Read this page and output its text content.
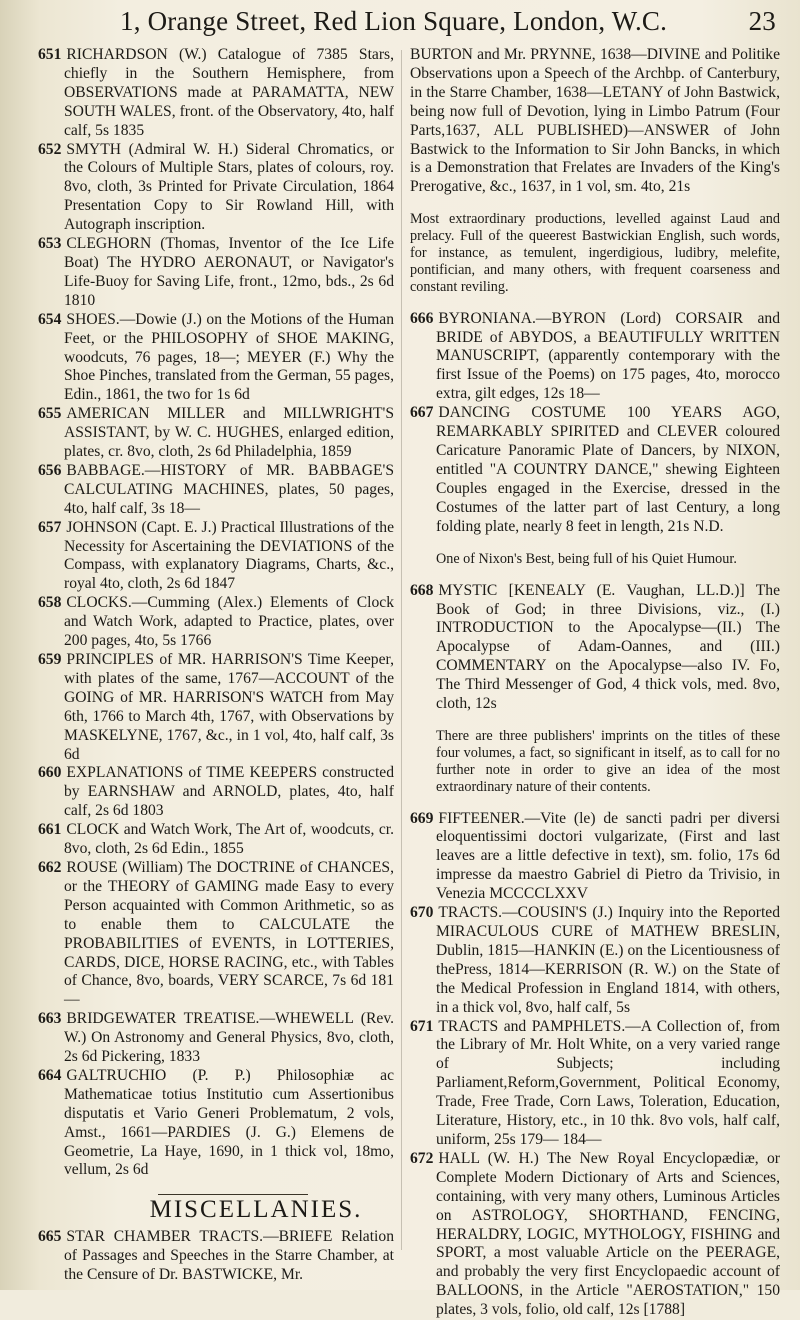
1, Orange Street, Red Lion Square, London, W.C.	23

651 RICHARDSON (W.) Catalogue of 7385 Stars, chiefly in the Southern Hemisphere, from OBSERVATIONS made at PARAMATTA, NEW SOUTH WALES, front. of the Observatory, 4to, half calf, 5s 1835

652 SMYTH (Admiral W. H.) Sideral Chromatics, or the Colours of Multiple Stars, plates of colours, roy. 8vo, cloth, 3s Printed for Private Circulation, 1864 Presentation Copy to Sir Rowland Hill, with Autograph inscription.

653 CLEGHORN (Thomas, Inventor of the Ice Life Boat) The HYDRO AERONAUT, or Navigator's Life-Buoy for Saving Life, front., 12mo, bds., 2s 6d 1810

654 SHOES.—Dowie (J.) on the Motions of the Human Feet, or the PHILOSOPHY of SHOE MAKING, woodcuts, 76 pages, 18—; MEYER (F.) Why the Shoe Pinches, translated from the German, 55 pages, Edin., 1861, the two for 1s 6d

655 AMERICAN MILLER and MILLWRIGHT'S ASSISTANT, by W. C. HUGHES, enlarged edition, plates, cr. 8vo, cloth, 2s 6d Philadelphia, 1859

656 BABBAGE.—HISTORY of MR. BABBAGE'S CALCULATING MACHINES, plates, 50 pages, 4to, half calf, 3s 18—

657 JOHNSON (Capt. E. J.) Practical Illustrations of the Necessity for Ascertaining the DEVIATIONS of the Compass, with explanatory Diagrams, Charts, &c., royal 4to, cloth, 2s 6d 1847

658 CLOCKS.—Cumming (Alex.) Elements of Clock and Watch Work, adapted to Practice, plates, over 200 pages, 4to, 5s 1766

659 PRINCIPLES of MR. HARRISON'S Time Keeper, with plates of the same, 1767—ACCOUNT of the GOING of MR. HARRISON'S WATCH from May 6th, 1766 to March 4th, 1767, with Observations by MASKELYNE, 1767, &c., in 1 vol, 4to, half calf, 3s 6d

660 EXPLANATIONS of TIME KEEPERS constructed by EARNSHAW and ARNOLD, plates, 4to, half calf, 2s 6d 1803

661 CLOCK and Watch Work, The Art of, woodcuts, cr. 8vo, cloth, 2s 6d Edin., 1855

662 ROUSE (William) The DOCTRINE of CHANCES, or the THEORY of GAMING made Easy to every Person acquainted with Common Arithmetic, so as to enable them to CALCULATE the PROBABILITIES of EVENTS, in LOTTERIES, CARDS, DICE, HORSE RACING, etc., with Tables of Chance, 8vo, boards, VERY SCARCE, 7s 6d 181—

663 BRIDGEWATER TREATISE.—WHEWELL (Rev. W.) On Astronomy and General Physics, 8vo, cloth, 2s 6d Pickering, 1833

664 GALTRUCHIO (P. P.) Philosophiæ ac Mathematicae totius Institutio cum Assertionibus disputatis et Vario Generi Problematum, 2 vols, Amst., 1661—PARDIES (J. G.) Elemens de Geometrie, La Haye, 1690, in 1 thick vol, 18mo, vellum, 2s 6d

MISCELLANIES.

665 STAR CHAMBER TRACTS.—BRIEFE Relation of Passages and Speeches in the Starre Chamber, at the Censure of Dr. BASTWICKE, Mr.

BURTON and Mr. PRYNNE, 1638—DIVINE and Politike Observations upon a Speech of the Archbp. of Canterbury, in the Starre Chamber, 1638—LETANY of John Bastwick, being now full of Devotion, lying in Limbo Patrum (Four Parts,1637, ALL PUBLISHED)—ANSWER of John Bastwick to the Information to Sir John Bancks, in which is a Demonstration that Frelates are Invaders of the King's Prerogative, &c., 1637, in 1 vol, sm. 4to, 21s

Most extraordinary productions, levelled against Laud and prelacy. Full of the queerest Bastwickian English, such words, for instance, as temulent, ingerdigious, ludibry, melefite, pontifician, and many others, with frequent coarseness and constant reviling.

666 BYRONIANA.—BYRON (Lord) CORSAIR and BRIDE of ABYDOS, a BEAUTIFULLY WRITTEN MANUSCRIPT, (apparently contemporary with the first Issue of the Poems) on 175 pages, 4to, morocco extra, gilt edges, 12s 18—

667 DANCING COSTUME 100 YEARS AGO, REMARKABLY SPIRITED and CLEVER coloured Caricature Panoramic Plate of Dancers, by NIXON, entitled "A COUNTRY DANCE," shewing Eighteen Couples engaged in the Exercise, dressed in the Costumes of the latter part of last Century, a long folding plate, nearly 8 feet in length, 21s N.D.

One of Nixon's Best, being full of his Quiet Humour.

668 MYSTIC [KENEALY (E. Vaughan, LL.D.)] The Book of God; in three Divisions, viz., (I.) INTRODUCTION to the Apocalypse—(II.) The Apocalypse of Adam-Oannes, and (III.) COMMENTARY on the Apocalypse—also IV. Fo, The Third Messenger of God, 4 thick vols, med. 8vo, cloth, 12s

There are three publishers' imprints on the titles of these four volumes, a fact, so significant in itself, as to call for no further note in order to give an idea of the most extraordinary nature of their contents.

669 FIFTEENER.—Vite (le) de sancti padri per diversi eloquentissimi doctori vulgarizate, (First and last leaves are a little defective in text), sm. folio, 17s 6d impresse da maestro Gabriel di Pietro da Trivisio, in Venezia MCCCCLXXV

670 TRACTS.—COUSIN'S (J.) Inquiry into the Reported MIRACULOUS CURE of MATHEW BRESLIN, Dublin, 1815—HANKIN (E.) on the Licentiousness of thePress, 1814—KERRISON (R. W.) on the State of the Medical Profession in England 1814, with others, in a thick vol, 8vo, half calf, 5s

671 TRACTS and PAMPHLETS.—A Collection of, from the Library of Mr. Holt White, on a very varied range of Subjects; including Parliament,Reform,Government, Political Economy, Trade, Free Trade, Corn Laws, Toleration, Education, Literature, History, etc., in 10 thk. 8vo vols, half calf, uniform, 25s 179— 184—

672 HALL (W. H.) The New Royal Encyclopædiæ, or Complete Modern Dictionary of Arts and Sciences, containing, with very many others, Luminous Articles on ASTROLOGY, SHORTHAND, FENCING, HERALDRY, LOGIC, MYTHOLOGY, FISHING and SPORT, a most valuable Article on the PEERAGE, and probably the very first Encyclopaedic account of BALLOONS, in the Article "AEROSTATION," 150 plates, 3 vols, folio, old calf, 12s [1788]
